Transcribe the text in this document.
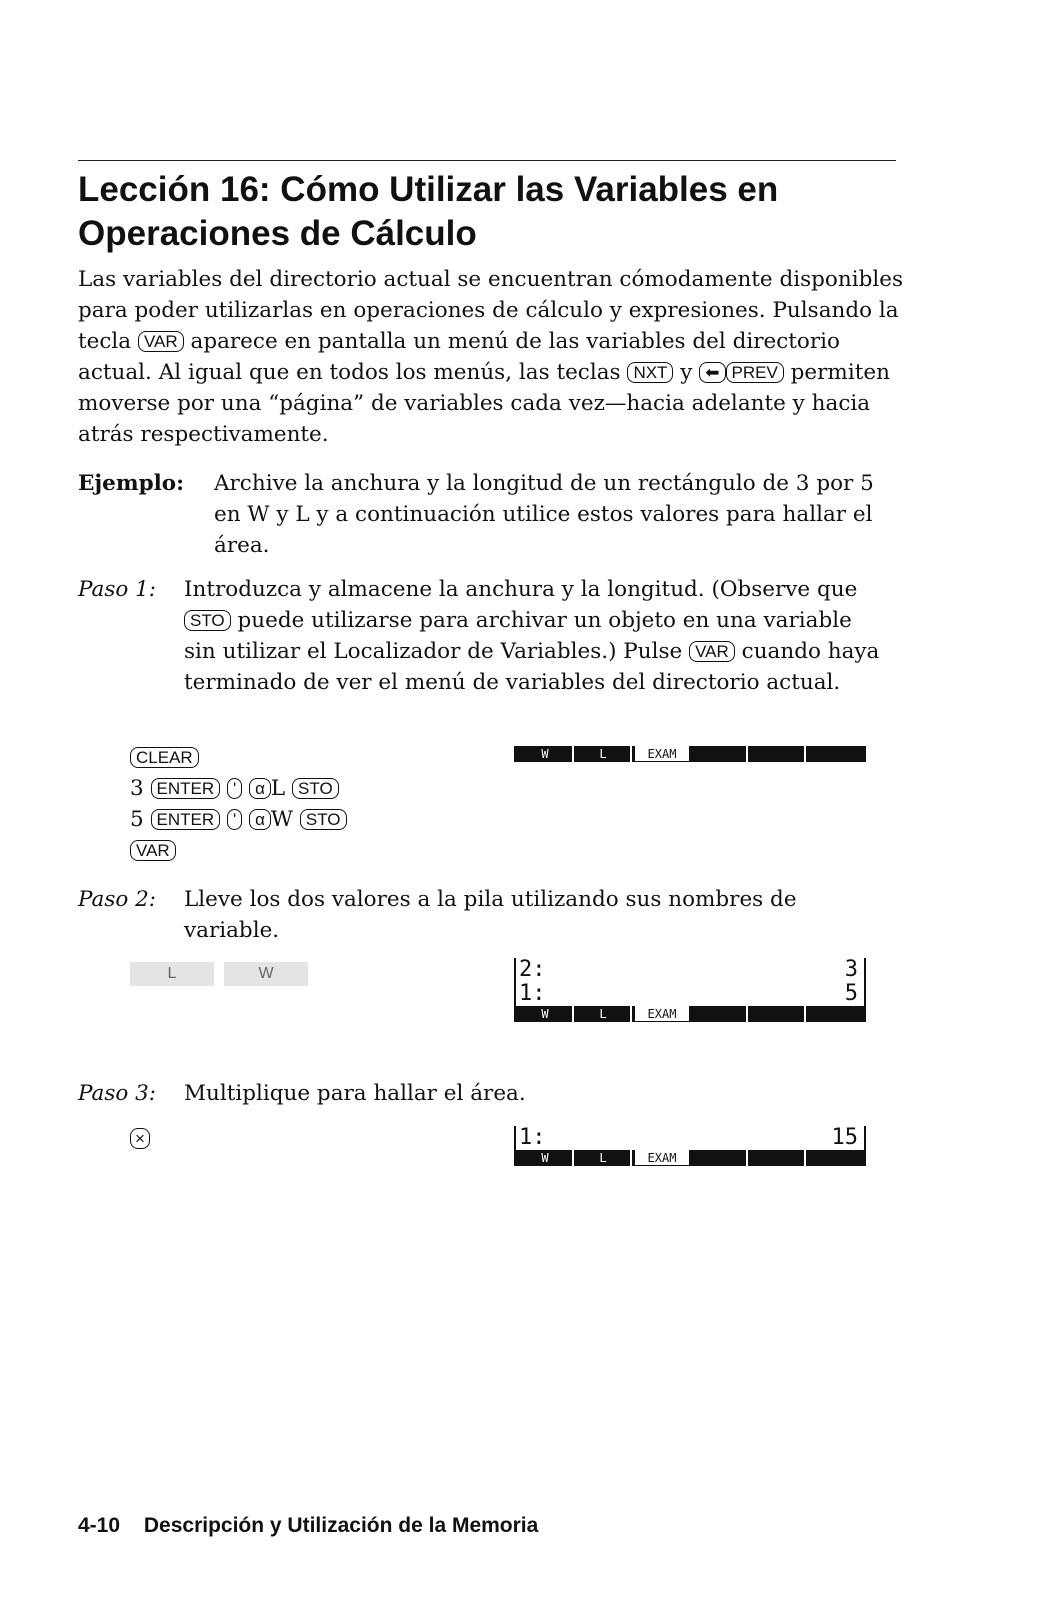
Lección 16: Cómo Utilizar las Variables en Operaciones de Cálculo

Las variables del directorio actual se encuentran cómodamente disponibles para poder utilizarlas en operaciones de cálculo y expresiones. Pulsando la tecla VAR aparece en pantalla un menú de las variables del directorio actual. Al igual que en todos los menús, las teclas NXT y ⬅ PREV permiten moverse por una “página” de variables cada vez—hacia adelante y hacia atrás respectivamente.

Ejemplo: Archive la anchura y la longitud de un rectángulo de 3 por 5 en W y L y a continuación utilice estos valores para hallar el área.
Paso 1: Introduzca y almacene la anchura y la longitud. (Observe que STO puede utilizarse para archivar un objeto en una variable sin utilizar el Localizador de Variables.) Pulse VAR cuando haya terminado de ver el menú de variables del directorio actual.
CLEAR
3 ENTER ' α L STO
5 ENTER ' α W STO
VAR
W	L	EXAM
Paso 2: Lleve los dos valores a la pila utilizando sus nombres de variable.
L	W	2:	3
1:	5
W	L	EXAM
Paso 3: Multiplique para hallar el área.
×	1:	15
W	L	EXAM
4-10 Descripción y Utilización de la Memoria
